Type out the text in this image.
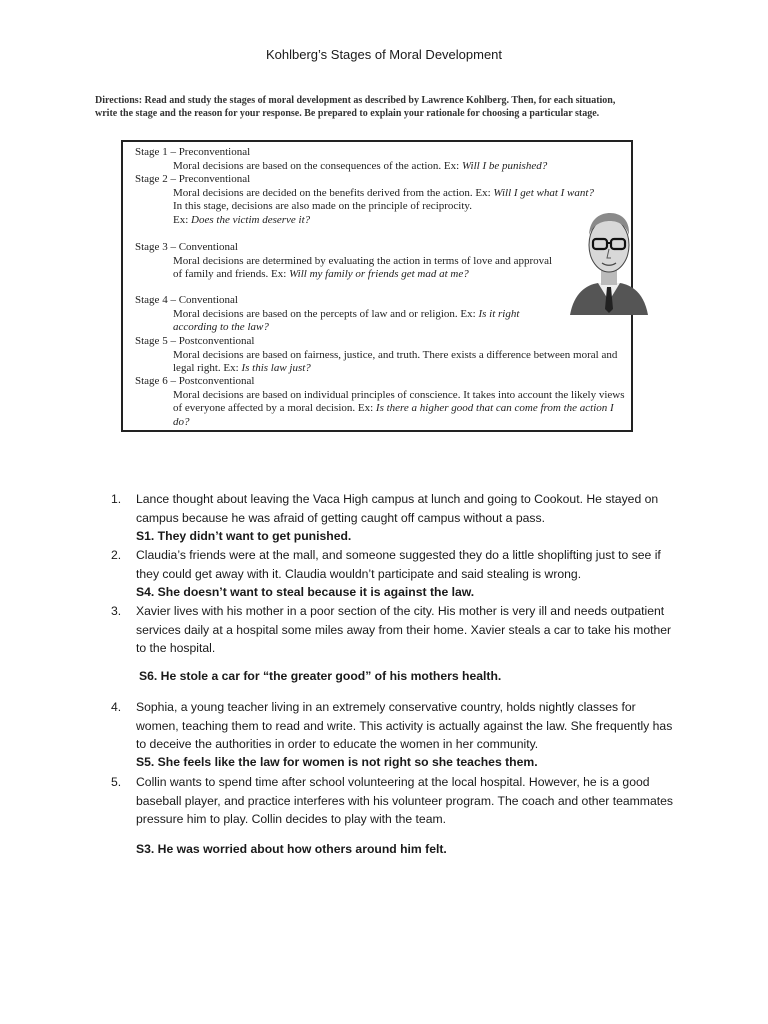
Kohlberg’s Stages of Moral Development
Directions: Read and study the stages of moral development as described by Lawrence Kohlberg. Then, for each situation, write the stage and the reason for your response. Be prepared to explain your rationale for choosing a particular stage.
Stage 1 – Preconventional
Moral decisions are based on the consequences of the action. Ex: Will I be punished?
Stage 2 – Preconventional
Moral decisions are decided on the benefits derived from the action. Ex: Will I get what I want?
In this stage, decisions are also made on the principle of reciprocity.
Ex: Does the victim deserve it?
Stage 3 – Conventional
Moral decisions are determined by evaluating the action in terms of love and approval of family and friends. Ex: Will my family or friends get mad at me?
Stage 4 – Conventional
Moral decisions are based on the percepts of law and or religion. Ex: Is it right according to the law?
Stage 5 – Postconventional
Moral decisions are based on fairness, justice, and truth. There exists a difference between moral and legal right. Ex: Is this law just?
Stage 6 – Postconventional
Moral decisions are based on individual principles of conscience. It takes into account the likely views of everyone affected by a moral decision. Ex: Is there a higher good that can come from the action I do?
1.	Lance thought about leaving the Vaca High campus at lunch and going to Cookout. He stayed on campus because he was afraid of getting caught off campus without a pass.
S1. They didn’t want to get punished.
2.	Claudia’s friends were at the mall, and someone suggested they do a little shoplifting just to see if they could get away with it. Claudia wouldn’t participate and said stealing is wrong.
S4. She doesn’t want to steal because it is against the law.
3.	Xavier lives with his mother in a poor section of the city. His mother is very ill and needs outpatient services daily at a hospital some miles away from their home. Xavier steals a car to take his mother to the hospital.
S6. He stole a car for “the greater good” of his mothers health.
4.	Sophia, a young teacher living in an extremely conservative country, holds nightly classes for women, teaching them to read and write. This activity is actually against the law. She frequently has to deceive the authorities in order to educate the women in her community.
S5. She feels like the law for women is not right so she teaches them.
5.	Collin wants to spend time after school volunteering at the local hospital. However, he is a good baseball player, and practice interferes with his volunteer program. The coach and other teammates pressure him to play. Collin decides to play with the team.
S3. He was worried about how others around him felt.
